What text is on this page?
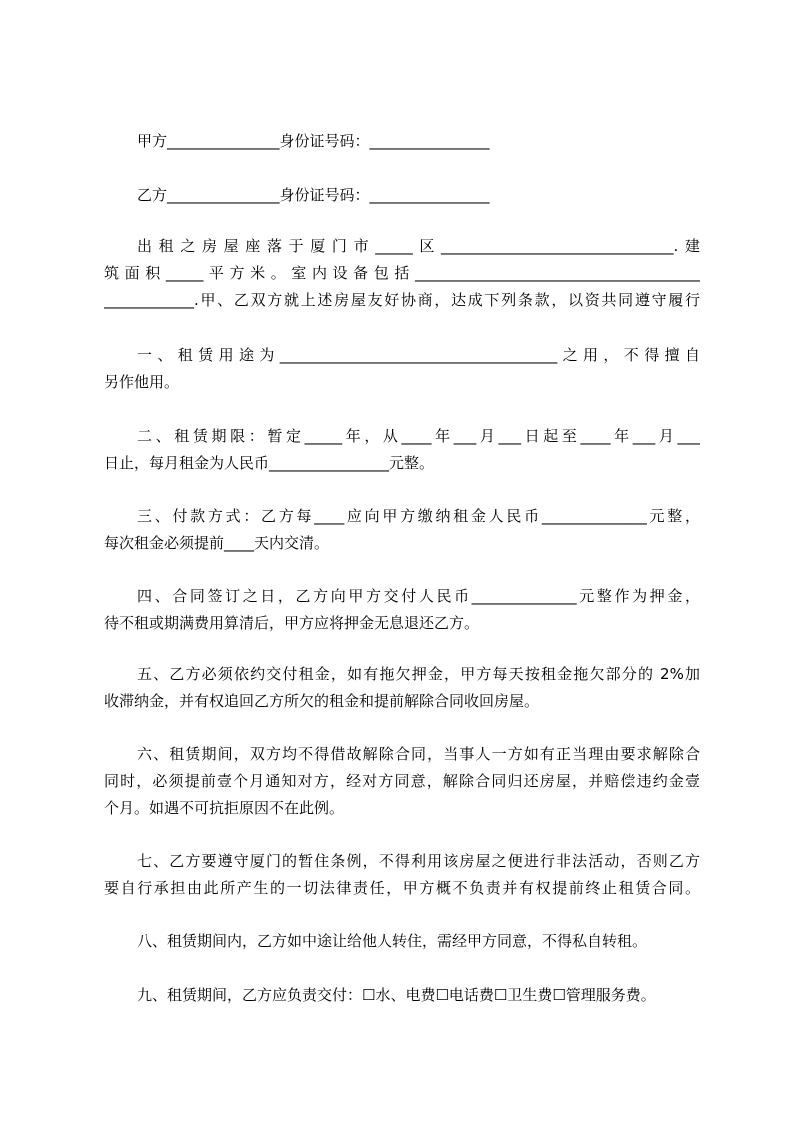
甲方_______________身份证号码：________________
乙方_______________身份证号码：________________
出租之房屋座落于厦门市_____区_______________________________.建
筑面积_____平方米。室内设备包括______________________________________
____________.甲、乙双方就上述房屋友好协商，达成下列条款，以资共同遵守履行
一、租赁用途为_____________________________________之用，不得擅自
另作他用。
二、租赁期限：暂定_____年，从____年___月___日起至____年___月___
日止，每月租金为人民币________________元整。
三、付款方式：乙方每____应向甲方缴纳租金人民币______________元整，
每次租金必须提前____天内交清。
四、合同签订之日，乙方向甲方交付人民币______________元整作为押金，
待不租或期满费用算清后，甲方应将押金无息退还乙方。
五、乙方必须依约交付租金，如有拖欠押金，甲方每天按租金拖欠部分的 2%加
收滞纳金，并有权追回乙方所欠的租金和提前解除合同收回房屋。
六、租赁期间，双方均不得借故解除合同，当事人一方如有正当理由要求解除合
同时，必须提前壹个月通知对方，经对方同意，解除合同归还房屋，并赔偿违约金壹
个月。如遇不可抗拒原因不在此例。
七、乙方要遵守厦门的暂住条例，不得利用该房屋之便进行非法活动，否则乙方
要自行承担由此所产生的一切法律责任，甲方概不负责并有权提前终止租赁合同。
八、租赁期间内，乙方如中途让给他人转住，需经甲方同意，不得私自转租。
九、租赁期间，乙方应负责交付：☐水、电费☐电话费☐卫生费☐管理服务费。
